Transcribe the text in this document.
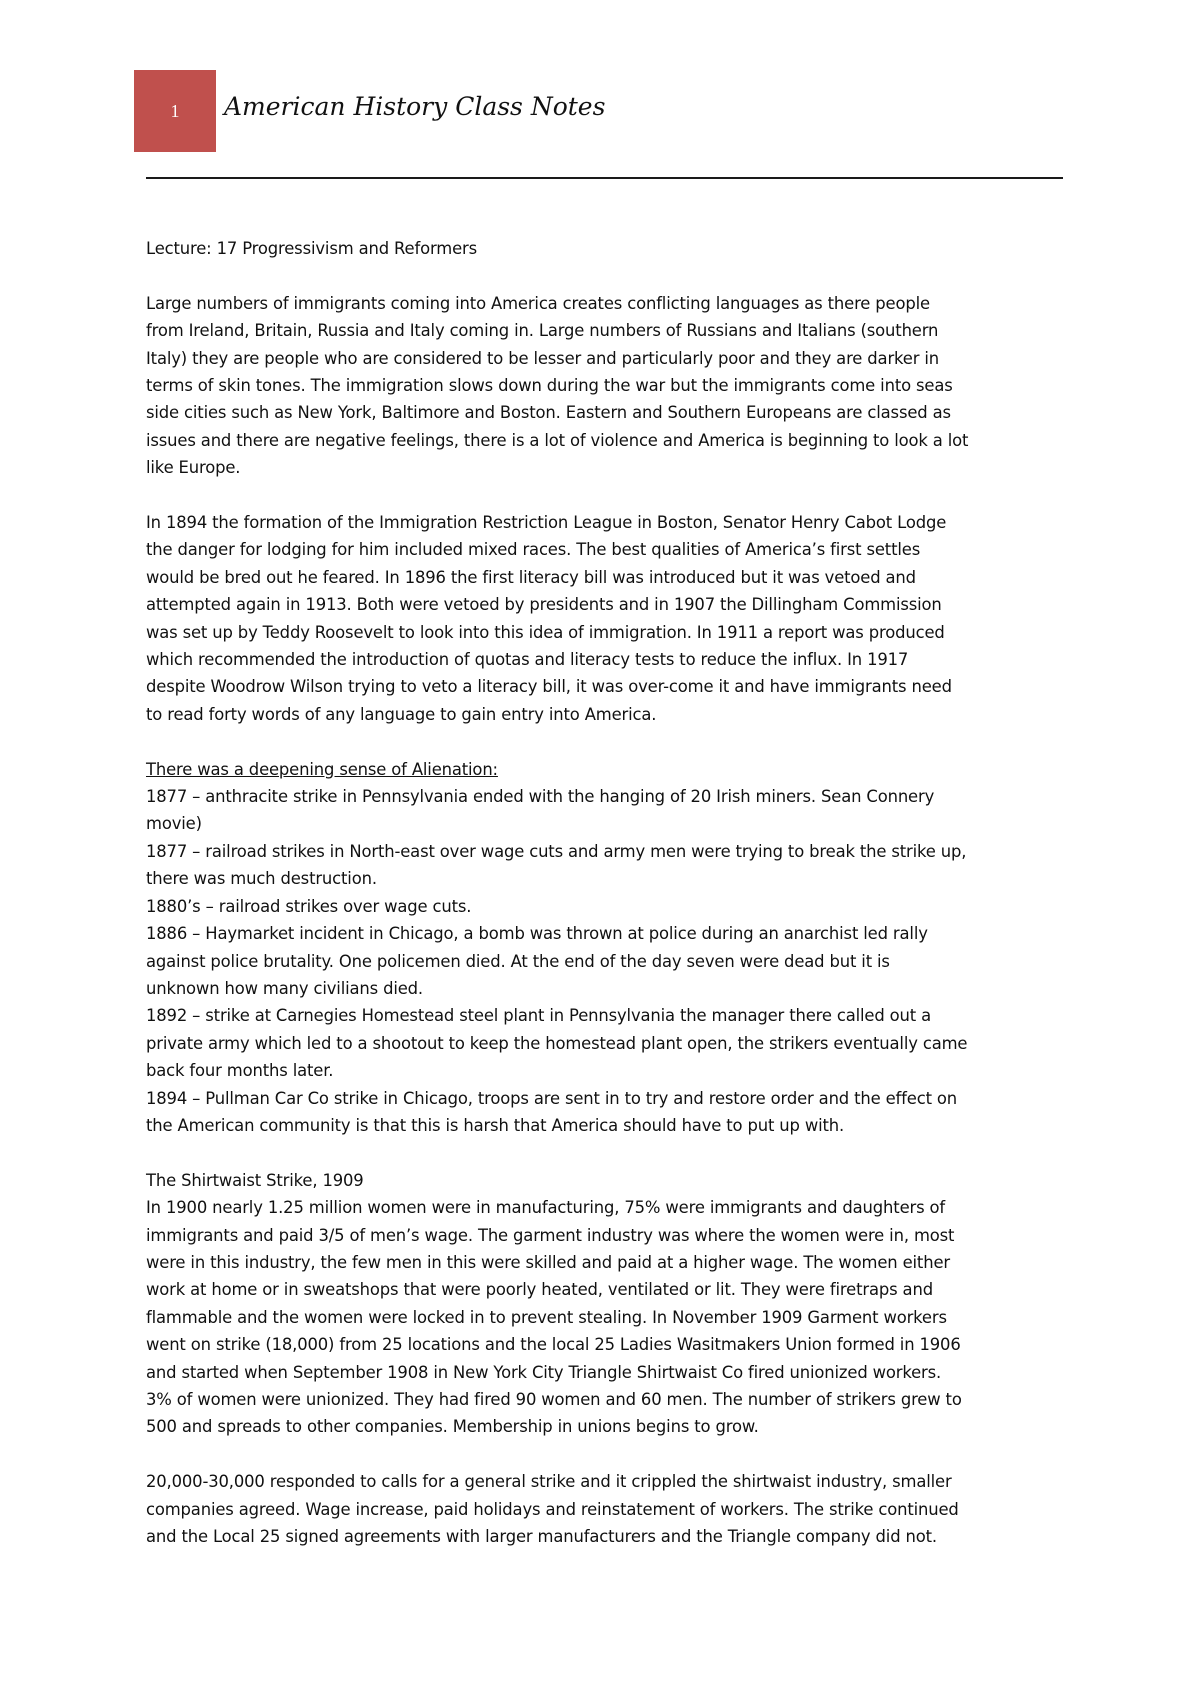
1 American History Class Notes

Lecture: 17 Progressivism and Reformers

Large numbers of immigrants coming into America creates conflicting languages as there people
from Ireland, Britain, Russia and Italy coming in. Large numbers of Russians and Italians (southern
Italy) they are people who are considered to be lesser and particularly poor and they are darker in
terms of skin tones. The immigration slows down during the war but the immigrants come into seas
side cities such as New York, Baltimore and Boston. Eastern and Southern Europeans are classed as
issues and there are negative feelings, there is a lot of violence and America is beginning to look a lot
like Europe.

In 1894 the formation of the Immigration Restriction League in Boston, Senator Henry Cabot Lodge
the danger for lodging for him included mixed races. The best qualities of America’s first settles
would be bred out he feared. In 1896 the first literacy bill was introduced but it was vetoed and
attempted again in 1913. Both were vetoed by presidents and in 1907 the Dillingham Commission
was set up by Teddy Roosevelt to look into this idea of immigration. In 1911 a report was produced
which recommended the introduction of quotas and literacy tests to reduce the influx. In 1917
despite Woodrow Wilson trying to veto a literacy bill, it was over-come it and have immigrants need
to read forty words of any language to gain entry into America.

There was a deepening sense of Alienation:
1877 – anthracite strike in Pennsylvania ended with the hanging of 20 Irish miners. Sean Connery
movie)
1877 – railroad strikes in North-east over wage cuts and army men were trying to break the strike up,
there was much destruction.
1880’s – railroad strikes over wage cuts.
1886 – Haymarket incident in Chicago, a bomb was thrown at police during an anarchist led rally
against police brutality. One policemen died. At the end of the day seven were dead but it is
unknown how many civilians died.
1892 – strike at Carnegies Homestead steel plant in Pennsylvania the manager there called out a
private army which led to a shootout to keep the homestead plant open, the strikers eventually came
back four months later.
1894 – Pullman Car Co strike in Chicago, troops are sent in to try and restore order and the effect on
the American community is that this is harsh that America should have to put up with.

The Shirtwaist Strike, 1909
In 1900 nearly 1.25 million women were in manufacturing, 75% were immigrants and daughters of
immigrants and paid 3/5 of men’s wage. The garment industry was where the women were in, most
were in this industry, the few men in this were skilled and paid at a higher wage. The women either
work at home or in sweatshops that were poorly heated, ventilated or lit. They were firetraps and
flammable and the women were locked in to prevent stealing. In November 1909 Garment workers
went on strike (18,000) from 25 locations and the local 25 Ladies Wasitmakers Union formed in 1906
and started when September 1908 in New York City Triangle Shirtwaist Co fired unionized workers.
3% of women were unionized. They had fired 90 women and 60 men. The number of strikers grew to
500 and spreads to other companies. Membership in unions begins to grow.

20,000-30,000 responded to calls for a general strike and it crippled the shirtwaist industry, smaller
companies agreed. Wage increase, paid holidays and reinstatement of workers. The strike continued
and the Local 25 signed agreements with larger manufacturers and the Triangle company did not.
